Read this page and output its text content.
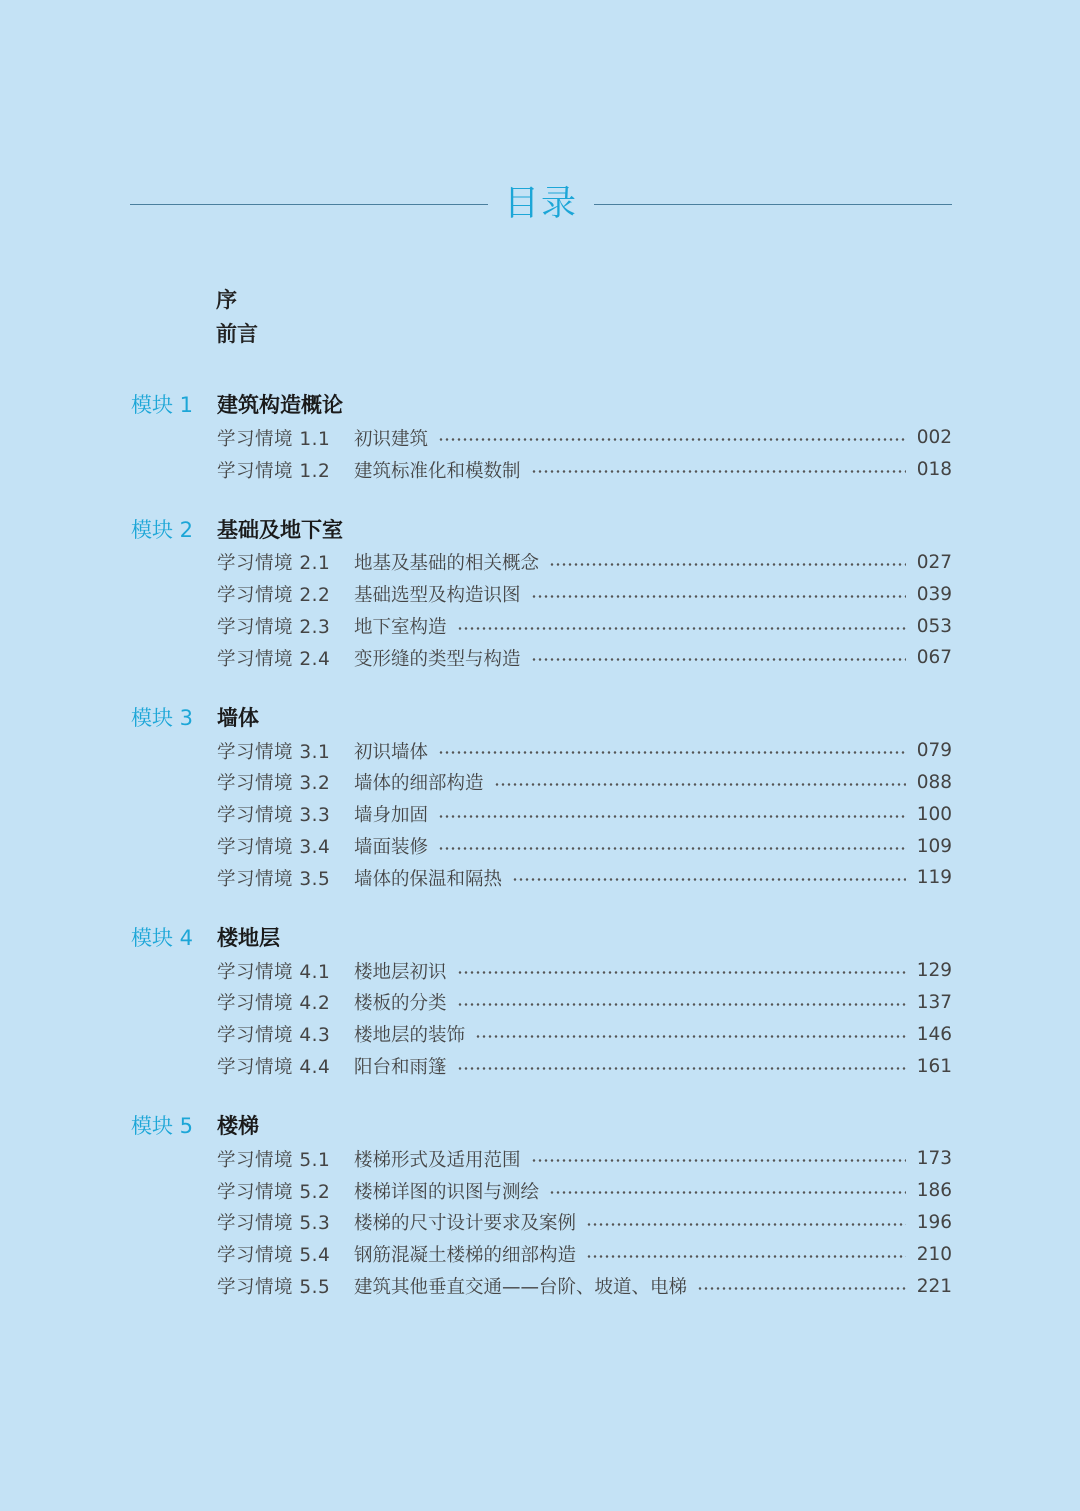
目录
序
前言
模块 1	建筑构造概论
学习情境 1.1	初识建筑	002
学习情境 1.2	建筑标准化和模数制	018
模块 2	基础及地下室
学习情境 2.1	地基及基础的相关概念	027
学习情境 2.2	基础选型及构造识图	039
学习情境 2.3	地下室构造	053
学习情境 2.4	变形缝的类型与构造	067
模块 3	墙体
学习情境 3.1	初识墙体	079
学习情境 3.2	墙体的细部构造	088
学习情境 3.3	墙身加固	100
学习情境 3.4	墙面装修	109
学习情境 3.5	墙体的保温和隔热	119
模块 4	楼地层
学习情境 4.1	楼地层初识	129
学习情境 4.2	楼板的分类	137
学习情境 4.3	楼地层的装饰	146
学习情境 4.4	阳台和雨篷	161
模块 5	楼梯
学习情境 5.1	楼梯形式及适用范围	173
学习情境 5.2	楼梯详图的识图与测绘	186
学习情境 5.3	楼梯的尺寸设计要求及案例	196
学习情境 5.4	钢筋混凝土楼梯的细部构造	210
学习情境 5.5	建筑其他垂直交通——台阶、坡道、电梯	221
